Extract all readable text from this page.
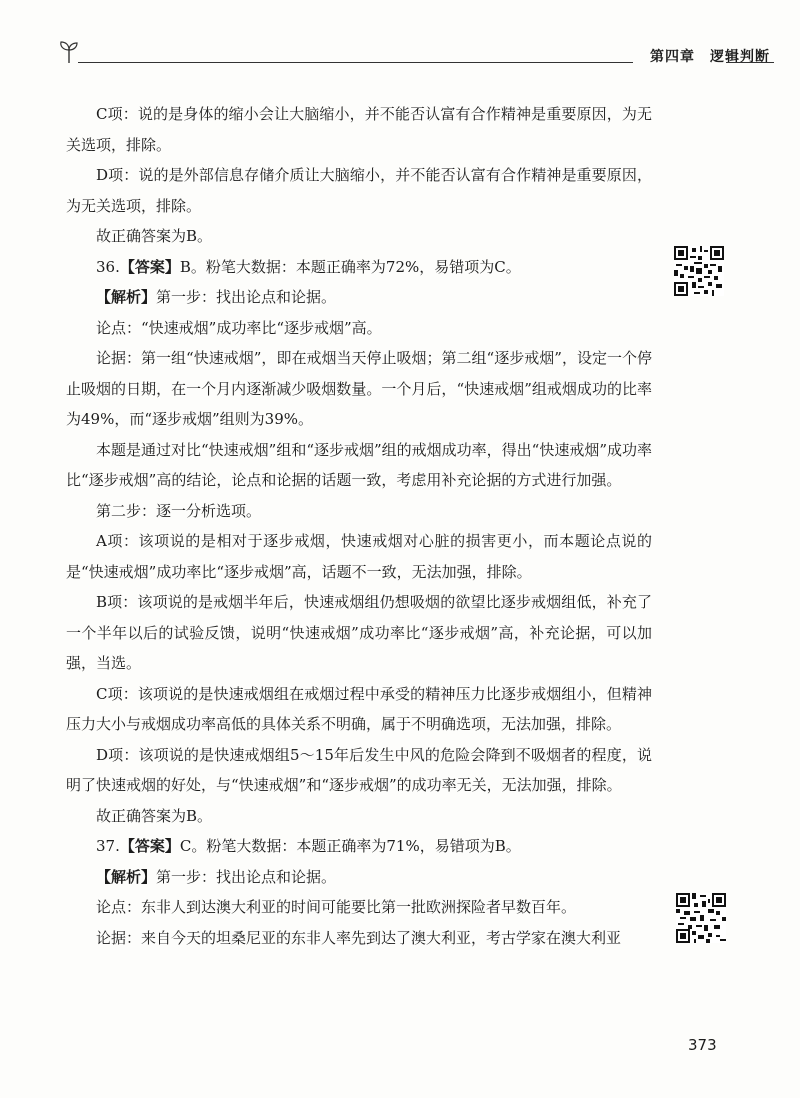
第四章　逻辑判断

C项：说的是身体的缩小会让大脑缩小，并不能否认富有合作精神是重要原因，为无关选项，排除。

D项：说的是外部信息存储介质让大脑缩小，并不能否认富有合作精神是重要原因，为无关选项，排除。

故正确答案为B。

36.【答案】B。粉笔大数据：本题正确率为72%，易错项为C。

【解析】第一步：找出论点和论据。

论点：“快速戒烟”成功率比“逐步戒烟”高。

论据：第一组“快速戒烟”，即在戒烟当天停止吸烟；第二组“逐步戒烟”，设定一个停止吸烟的日期，在一个月内逐渐减少吸烟数量。一个月后，“快速戒烟”组戒烟成功的比率为49%，而“逐步戒烟”组则为39%。

本题是通过对比“快速戒烟”组和“逐步戒烟”组的戒烟成功率，得出“快速戒烟”成功率比“逐步戒烟”高的结论，论点和论据的话题一致，考虑用补充论据的方式进行加强。

第二步：逐一分析选项。

A项：该项说的是相对于逐步戒烟，快速戒烟对心脏的损害更小，而本题论点说的是“快速戒烟”成功率比“逐步戒烟”高，话题不一致，无法加强，排除。

B项：该项说的是戒烟半年后，快速戒烟组仍想吸烟的欲望比逐步戒烟组低，补充了一个半年以后的试验反馈，说明“快速戒烟”成功率比“逐步戒烟”高，补充论据，可以加强，当选。

C项：该项说的是快速戒烟组在戒烟过程中承受的精神压力比逐步戒烟组小，但精神压力大小与戒烟成功率高低的具体关系不明确，属于不明确选项，无法加强，排除。

D项：该项说的是快速戒烟组5～15年后发生中风的危险会降到不吸烟者的程度，说明了快速戒烟的好处，与“快速戒烟”和“逐步戒烟”的成功率无关，无法加强，排除。

故正确答案为B。

37.【答案】C。粉笔大数据：本题正确率为71%，易错项为B。

【解析】第一步：找出论点和论据。

论点：东非人到达澳大利亚的时间可能要比第一批欧洲探险者早数百年。

论据：来自今天的坦桑尼亚的东非人率先到达了澳大利亚，考古学家在澳大利亚

373
